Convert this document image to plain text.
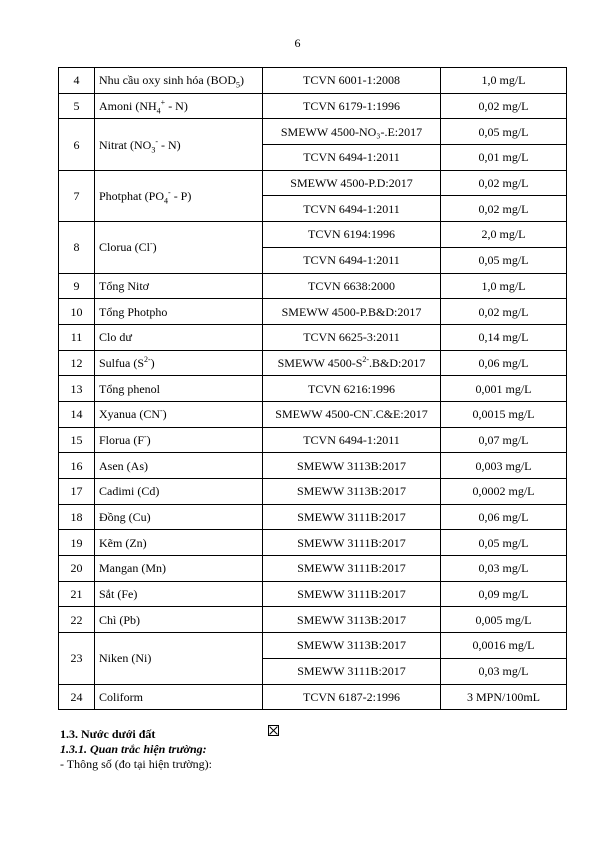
6
4	Nhu cầu oxy sinh hóa $(BOD_5)$	TCVN 6001-1:2008	1,0 mg/L
5	Amoni $(NH_4^+ - N)$	TCVN 6179-1:1996	0,02 mg/L
6	Nitrat $(NO_3^- - N)$	SMEWW 4500-NO₃-.E:2017	0,05 mg/L
		TCVN 6494-1:2011	0,01 mg/L
7	Photphat $(PO_4^- - P)$	SMEWW 4500-P.D:2017	0,02 mg/L
		TCVN 6494-1:2011	0,02 mg/L
8	Clorua (Cl-)	TCVN 6194:1996	2,0 mg/L
		TCVN 6494-1:2011	0,05 mg/L
9	Tổng Nitơ	TCVN 6638:2000	1,0 mg/L
10	Tổng Photpho	SMEWW 4500-P.B&D:2017	0,02 mg/L
11	Clo dư	TCVN 6625-3:2011	0,14 mg/L
12	Sulfua $(S^{2-})$	SMEWW $4500-S^{2-}.B\&D:2017$	0,06 mg/L
13	Tổng phenol	TCVN 6216:1996	0,001 mg/L
14	Xyanua (CN-)	SMEWW 4500-CN-.C&E:2017	0,0015 mg/L
15	Florua (F-)	TCVN 6494-1:2011	0,07 mg/L
16	Asen (As)	SMEWW 3113B:2017	0,003 mg/L
17	Cadimi (Cd)	SMEWW 3113B:2017	0,0002 mg/L
18	Đồng (Cu)	SMEWW 3111B:2017	0,06 mg/L
19	Kẽm (Zn)	SMEWW 3111B:2017	0,05 mg/L
20	Mangan (Mn)	SMEWW 3111B:2017	0,03 mg/L
21	Sắt (Fe)	SMEWW 3111B:2017	0,09 mg/L
22	Chì (Pb)	SMEWW 3113B:2017	0,005 mg/L
23	Niken (Ni)	SMEWW 3113B:2017	0,0016 mg/L
		SMEWW 3111B:2017	0,03 mg/L
24	Coliform	TCVN 6187-2:1996	3 MPN/100mL
1.3. Nước dưới đất
1.3.1. Quan trắc hiện trường:
- Thông số (đo tại hiện trường):
